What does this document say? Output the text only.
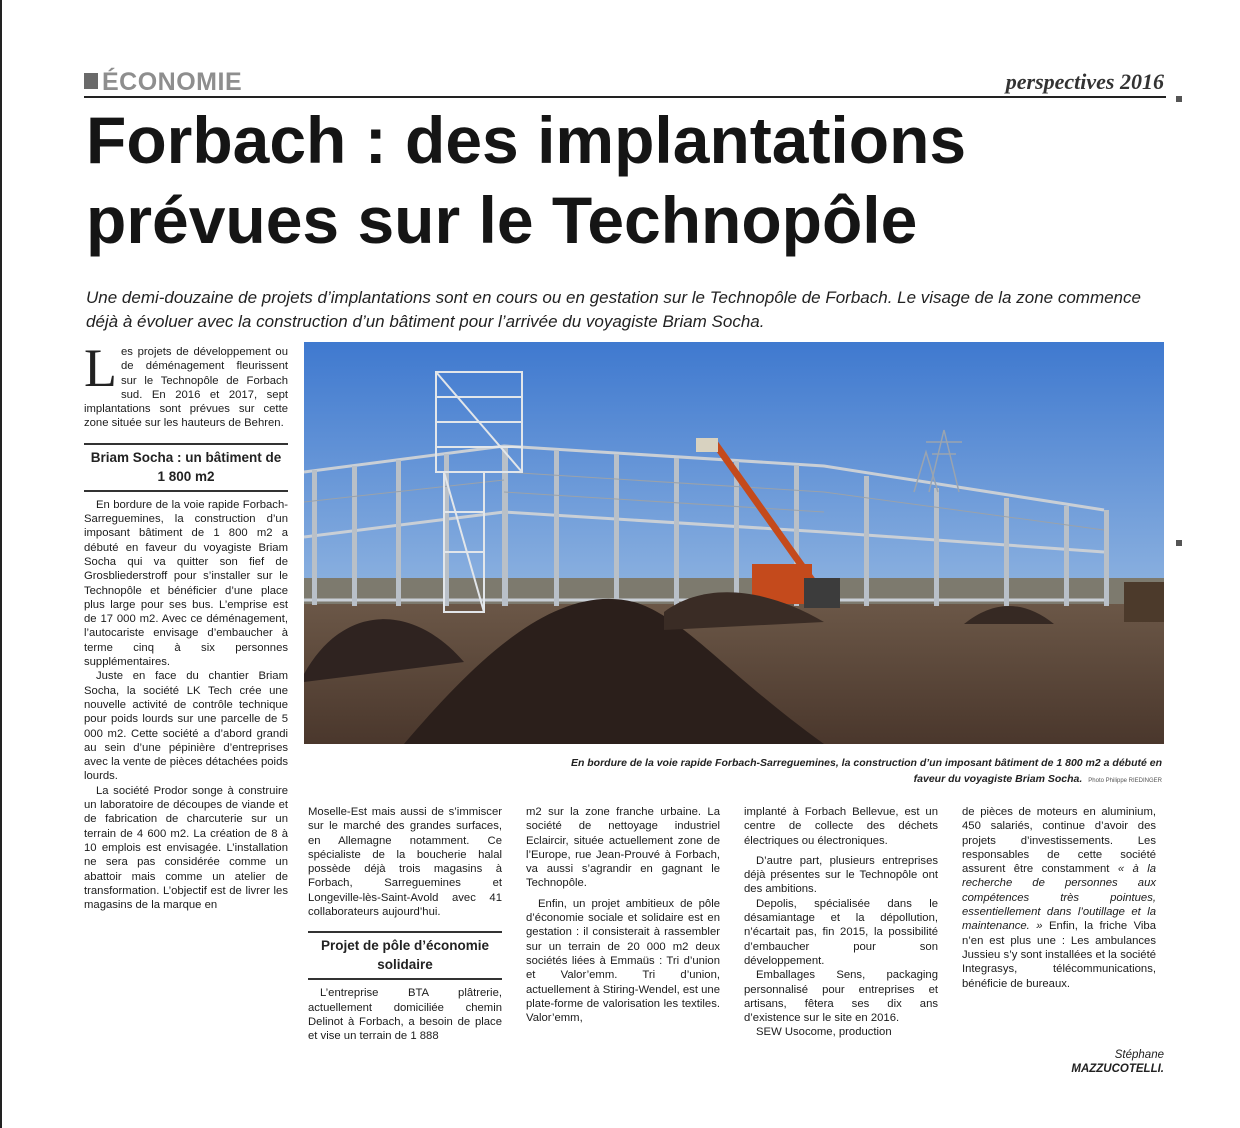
ÉCONOMIE	perspectives 2016
Forbach : des implantations prévues sur le Technopôle

Une demi-douzaine de projets d’implantations sont en cours ou en gestation sur le Technopôle de Forbach. Le visage de la zone commence déjà à évoluer avec la construction d’un bâtiment pour l’arrivée du voyagiste Briam Socha.

En bordure de la voie rapide Forbach-Sarreguemines, la construction d’un imposant bâtiment de 1 800 m2 a débuté en faveur du voyagiste Briam Socha. Photo Philippe RIEDINGER

Les projets de développement ou de déménagement fleurissent sur le Technopôle de Forbach sud. En 2016 et 2017, sept implantations sont prévues sur cette zone située sur les hauteurs de Behren.

Briam Socha : un bâtiment de 1 800 m2

En bordure de la voie rapide Forbach-Sarreguemines, la construction d’un imposant bâtiment de 1 800 m2 a débuté en faveur du voyagiste Briam Socha qui va quitter son fief de Grosbliederstroff pour s’installer sur le Technopôle et bénéficier d’une place plus large pour ses bus. L’emprise est de 17 000 m2. Avec ce déménagement, l’autocariste envisage d’embaucher à terme cinq à six personnes supplémentaires.

Juste en face du chantier Briam Socha, la société LK Tech crée une nouvelle activité de contrôle technique pour poids lourds sur une parcelle de 5 000 m2. Cette société a d’abord grandi au sein d’une pépinière d’entreprises avec la vente de pièces détachées poids lourds.

La société Prodor songe à construire un laboratoire de découpes de viande et de fabrication de charcuterie sur un terrain de 4 600 m2. La création de 8 à 10 emplois est envisagée. L’installation ne sera pas considérée comme un abattoir mais comme un atelier de transformation. L’objectif est de livrer les magasins de la marque en

Moselle-Est mais aussi de s’immiscer sur le marché des grandes surfaces, en Allemagne notamment. Ce spécialiste de la boucherie halal possède déjà trois magasins à Forbach, Sarreguemines et Longeville-lès-Saint-Avold avec 41 collaborateurs aujourd’hui.

Projet de pôle d’économie solidaire

L’entreprise BTA plâtrerie, actuellement domiciliée chemin Delinot à Forbach, a besoin de place et vise un terrain de 1 888

m2 sur la zone franche urbaine. La société de nettoyage industriel Eclaircir, située actuellement zone de l’Europe, rue Jean-Prouvé à Forbach, va aussi s’agrandir en gagnant le Technopôle.

Enfin, un projet ambitieux de pôle d’économie sociale et solidaire est en gestation : il consisterait à rassembler sur un terrain de 20 000 m2 deux sociétés liées à Emmaüs : Tri d’union et Valor’emm. Tri d’union, actuellement à Stiring-Wendel, est une plate-forme de valorisation les textiles. Valor’emm,

implanté à Forbach Bellevue, est un centre de collecte des déchets électriques ou électroniques.

D’autre part, plusieurs entreprises déjà présentes sur le Technopôle ont des ambitions.

Depolis, spécialisée dans le désamiantage et la dépollution, n’écartait pas, fin 2015, la possibilité d’embaucher pour son développement.

Emballages Sens, packaging personnalisé pour entreprises et artisans, fêtera ses dix ans d’existence sur le site en 2016.

SEW Usocome, production

de pièces de moteurs en aluminium, 450 salariés, continue d’avoir des projets d’investissements. Les responsables de cette société assurent être constamment « à la recherche de personnes aux compétences très pointues, essentiellement dans l’outillage et la maintenance. » Enfin, la friche Viba n’en est plus une : Les ambulances Jussieu s’y sont installées et la société Integrasys, télécommunications, bénéficie de bureaux.

Stéphane
MAZZUCOTELLI.
